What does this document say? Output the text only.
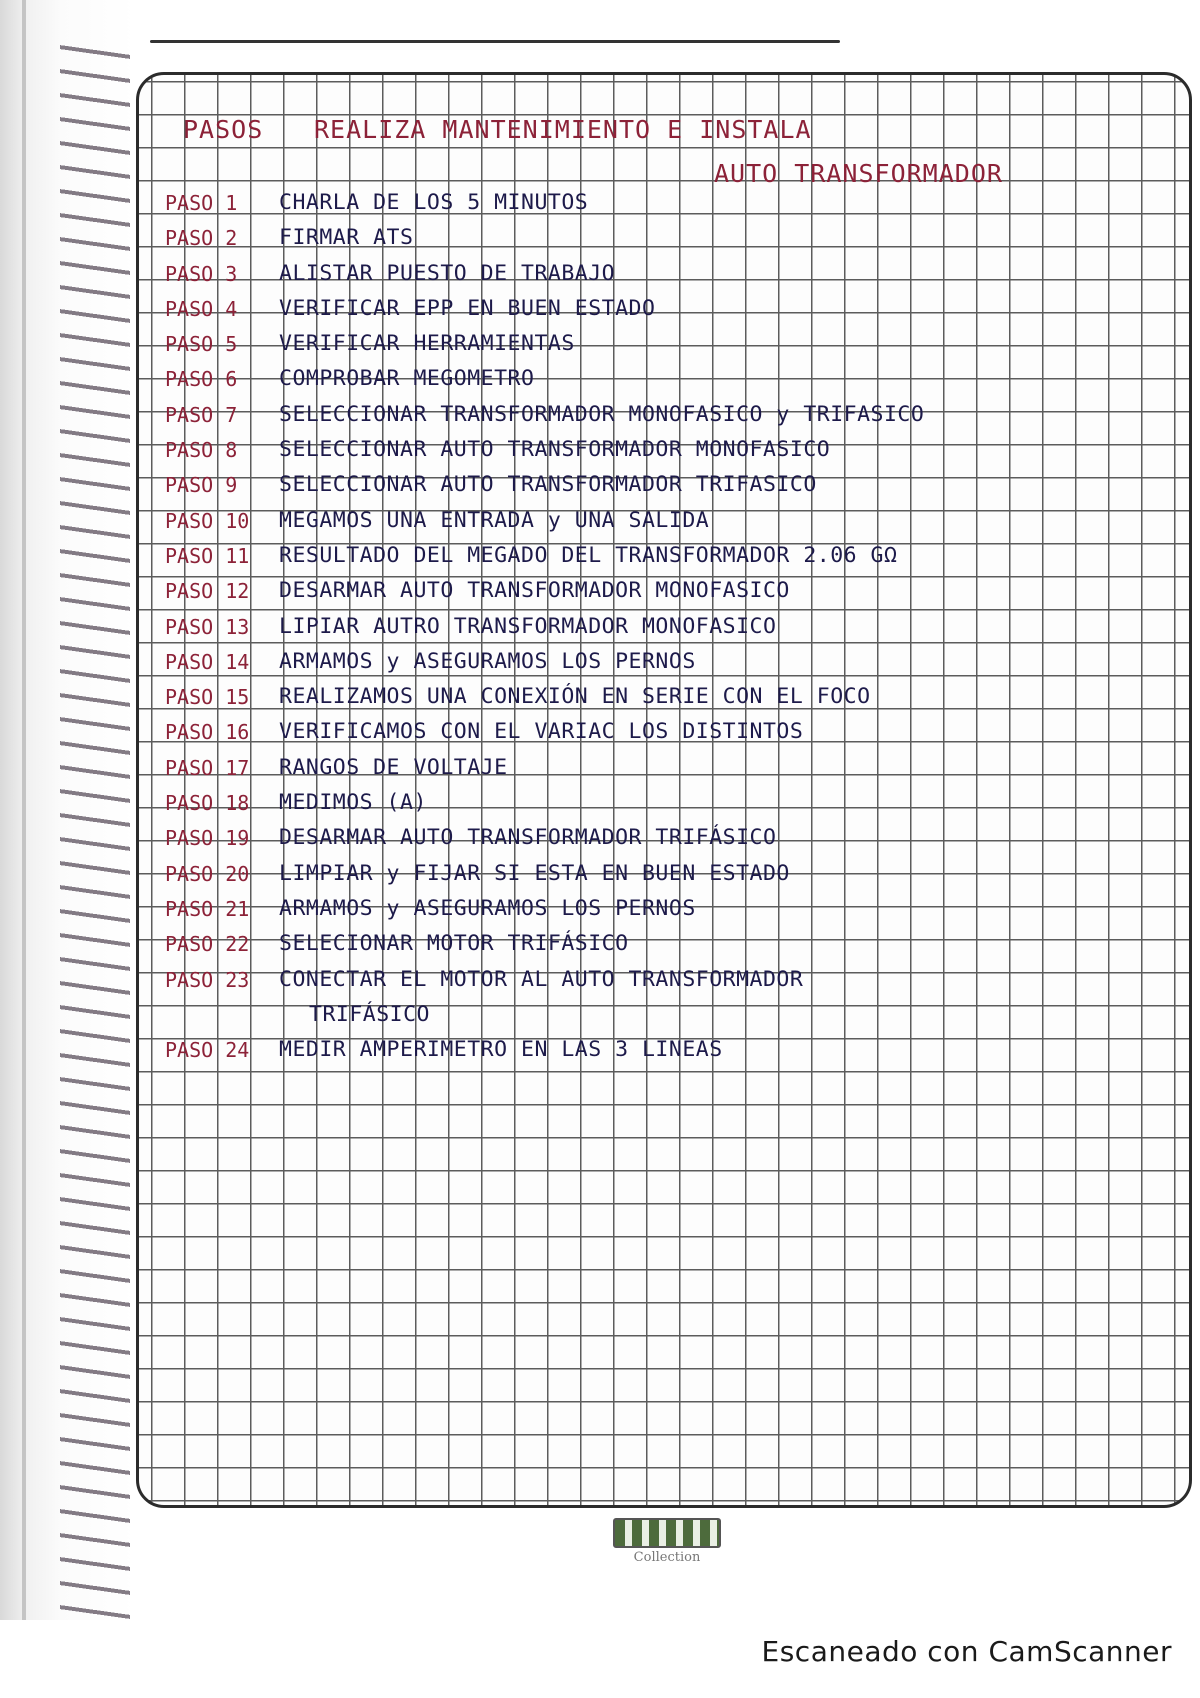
PASOS REALIZA MANTENIMIENTO E INSTALA
AUTO TRANSFORMADOR
PASO 1 CHARLA DE LOS 5 MINUTOS
PASO 2 FIRMAR ATS
PASO 3 ALISTAR PUESTO DE TRABAJO
PASO 4 VERIFICAR EPP EN BUEN ESTADO
PASO 5 VERIFICAR HERRAMIENTAS
PASO 6 COMPROBAR MEGOMETRO
PASO 7 SELECCIONAR TRANSFORMADOR MONOFASICO y TRIFASICO
PASO 8 SELECCIONAR AUTO TRANSFORMADOR MONOFASICO
PASO 9 SELECCIONAR AUTO TRANSFORMADOR TRIFASICO
PASO 10 MEGAMOS UNA ENTRADA y UNA SALIDA
PASO 11 RESULTADO DEL MEGADO DEL TRANSFORMADOR 2.06 GΩ
PASO 12 DESARMAR AUTO TRANSFORMADOR MONOFASICO
PASO 13 LIPIAR AUTRO TRANSFORMADOR MONOFASICO
PASO 14 ARMAMOS y ASEGURAMOS LOS PERNOS
PASO 15 REALIZAMOS UNA CONEXIÓN EN SERIE CON EL FOCO
PASO 16 VERIFICAMOS CON EL VARIAC LOS DISTINTOS
PASO 17 RANGOS DE VOLTAJE
PASO 18 MEDIMOS (A)
PASO 19 DESARMAR AUTO TRANSFORMADOR TRIFÁSICO
PASO 20 LIMPIAR y FIJAR SI ESTA EN BUEN ESTADO
PASO 21 ARMAMOS y ASEGURAMOS LOS PERNOS
PASO 22 SELECIONAR MOTOR TRIFÁSICO
PASO 23 CONECTAR EL MOTOR AL AUTO TRANSFORMADOR
TRIFÁSICO
PASO 24 MEDIR AMPERIMETRO EN LAS 3 LINEAS
Collection
Escaneado con CamScanner
